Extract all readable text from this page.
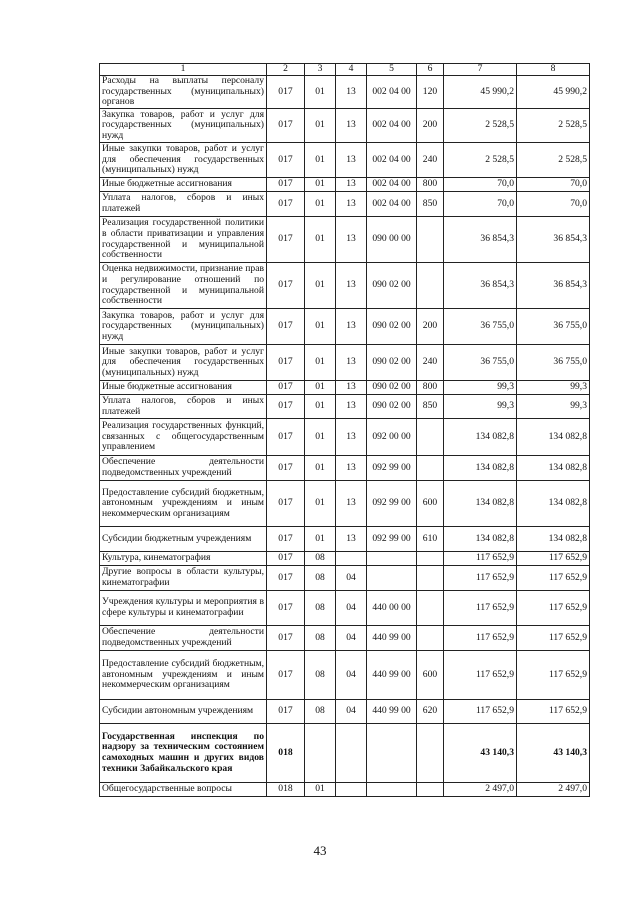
1	2	3	4	5	6	7	8
Расходы на выплаты персоналу государственных (муниципальных) органов	017	01	13	002 04 00	120	45 990,2	45 990,2
Закупка товаров, работ и услуг для государственных (муниципальных) нужд	017	01	13	002 04 00	200	2 528,5	2 528,5
Иные закупки товаров, работ и услуг для обеспечения государственных (муниципальных) нужд	017	01	13	002 04 00	240	2 528,5	2 528,5
Иные бюджетные ассигнования	017	01	13	002 04 00	800	70,0	70,0
Уплата налогов, сборов и иных платежей	017	01	13	002 04 00	850	70,0	70,0
Реализация государственной политики в области приватизации и управления государственной и муниципальной собственности	017	01	13	090 00 00		36 854,3	36 854,3
Оценка недвижимости, признание прав и регулирование отношений по государственной и муниципальной собственности	017	01	13	090 02 00		36 854,3	36 854,3
Закупка товаров, работ и услуг для государственных (муниципальных) нужд	017	01	13	090 02 00	200	36 755,0	36 755,0
Иные закупки товаров, работ и услуг для обеспечения государственных (муниципальных) нужд	017	01	13	090 02 00	240	36 755,0	36 755,0
Иные бюджетные ассигнования	017	01	13	090 02 00	800	99,3	99,3
Уплата налогов, сборов и иных платежей	017	01	13	090 02 00	850	99,3	99,3
Реализация государственных функций, связанных с общегосударственным управлением	017	01	13	092 00 00		134 082,8	134 082,8
Обеспечение деятельности подведомственных учреждений	017	01	13	092 99 00		134 082,8	134 082,8
Предоставление субсидий бюджетным, автономным учреждениям и иным некоммерческим организациям	017	01	13	092 99 00	600	134 082,8	134 082,8
Субсидии бюджетным учреждениям	017	01	13	092 99 00	610	134 082,8	134 082,8
Культура, кинематография	017	08				117 652,9	117 652,9
Другие вопросы в области культуры, кинематографии	017	08	04			117 652,9	117 652,9
Учреждения культуры и мероприятия в сфере культуры и кинематографии	017	08	04	440 00 00		117 652,9	117 652,9
Обеспечение деятельности подведомственных учреждений	017	08	04	440 99 00		117 652,9	117 652,9
Предоставление субсидий бюджетным, автономным учреждениям и иным некоммерческим организациям	017	08	04	440 99 00	600	117 652,9	117 652,9
Субсидии автономным учреждениям	017	08	04	440 99 00	620	117 652,9	117 652,9
Государственная инспекция по надзору за техническим состоянием самоходных машин и других видов техники Забайкальского края	018					43 140,3	43 140,3
Общегосударственные вопросы	018	01				2 497,0	2 497,0
43
